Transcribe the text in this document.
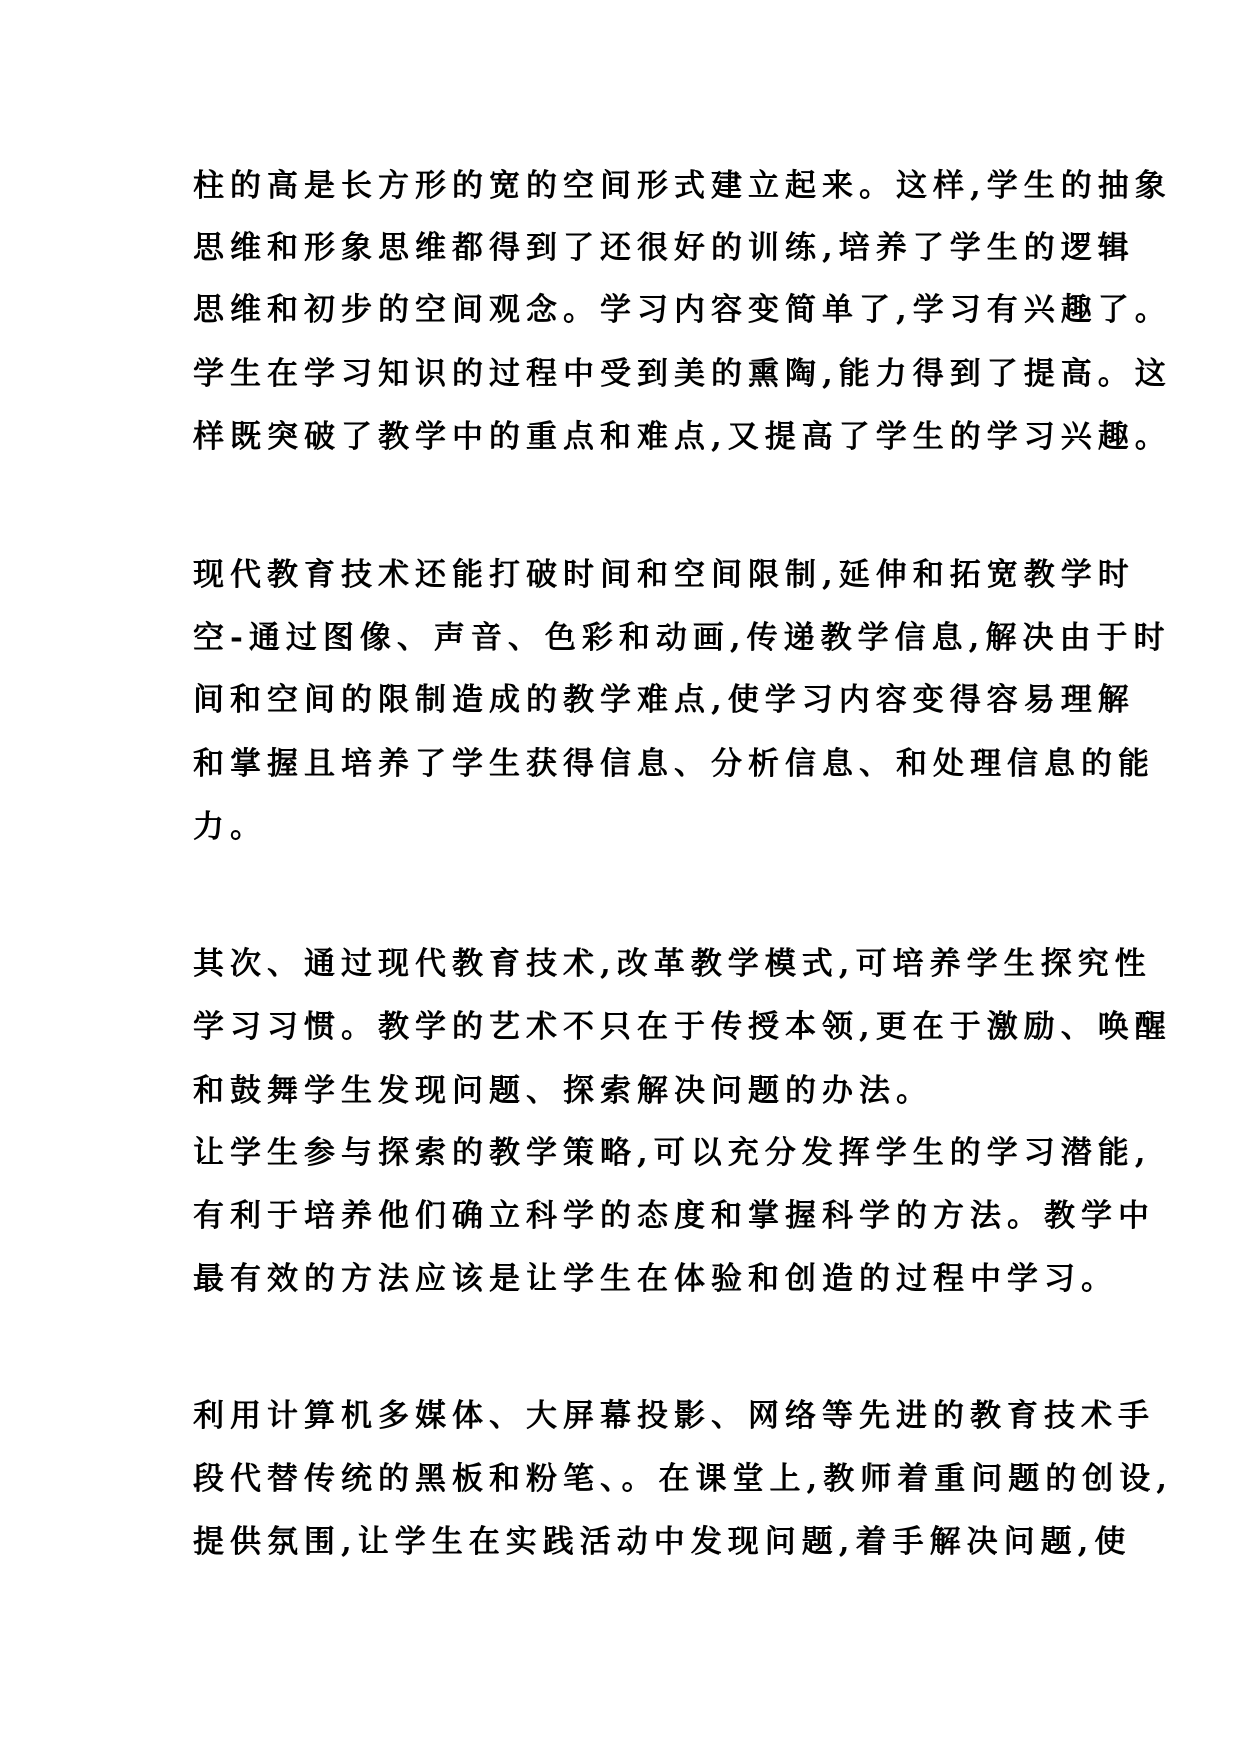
柱的高是长方形的宽的空间形式建立起来。这样,学生的抽象
思维和形象思维都得到了还很好的训练,培养了学生的逻辑
思维和初步的空间观念。学习内容变简单了,学习有兴趣了。
学生在学习知识的过程中受到美的熏陶,能力得到了提高。这
样既突破了教学中的重点和难点,又提高了学生的学习兴趣。
现代教育技术还能打破时间和空间限制,延伸和拓宽教学时
空-通过图像、声音、色彩和动画,传递教学信息,解决由于时
间和空间的限制造成的教学难点,使学习内容变得容易理解
和掌握且培养了学生获得信息、分析信息、和处理信息的能
力。
其次、通过现代教育技术,改革教学模式,可培养学生探究性
学习习惯。教学的艺术不只在于传授本领,更在于激励、唤醒
和鼓舞学生发现问题、探索解决问题的办法。
让学生参与探索的教学策略,可以充分发挥学生的学习潜能,
有利于培养他们确立科学的态度和掌握科学的方法。教学中
最有效的方法应该是让学生在体验和创造的过程中学习。
利用计算机多媒体、大屏幕投影、网络等先进的教育技术手
段代替传统的黑板和粉笔、。在课堂上,教师着重问题的创设,
提供氛围,让学生在实践活动中发现问题,着手解决问题,使
